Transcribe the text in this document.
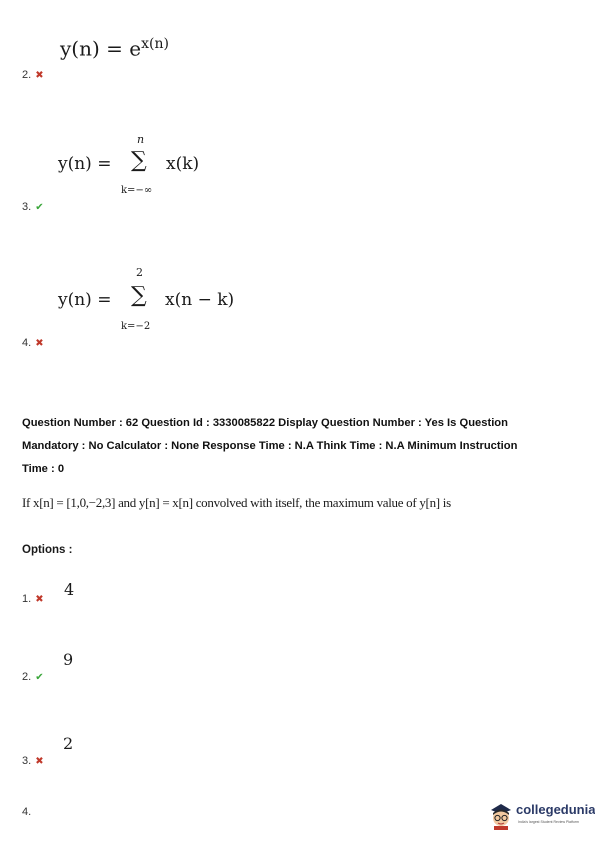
$y(n) = e^{x(n)}$
2. ✖
y(n) =
n
∑
k=−∞
x(k)
3. ✔
y(n) =
2
∑
k=−2
x(n − k)
4. ✖
Question Number : 62 Question Id : 3330085822 Display Question Number : Yes Is Question
Mandatory : No Calculator : None Response Time : N.A Think Time : N.A Minimum Instruction
Time : 0
If x[n] = [1,0,−2,3] and y[n] = x[n] convolved with itself, the maximum value of y[n] is
Options :
1. ✖
4
2. ✔
9
3. ✖
2
4.	collegedunia
India's largest Student Review Platform
